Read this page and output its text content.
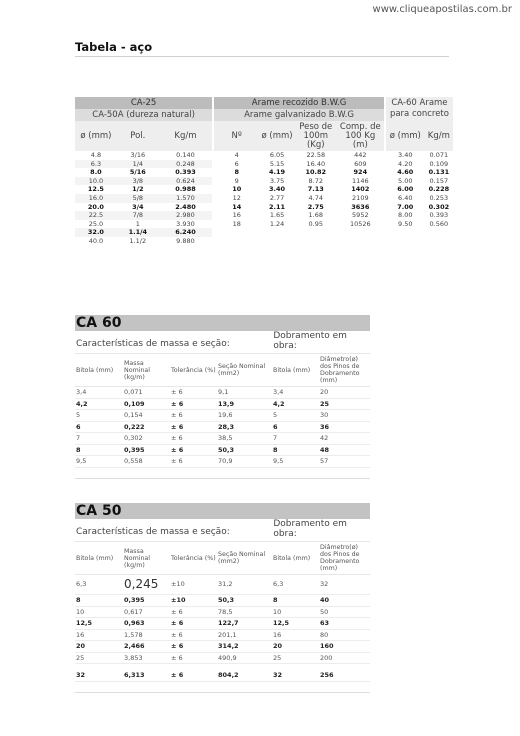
www.cliqueapostilas.com.br
Tabela - aço
CA-25			Arame recozido B.W.G				CA-60 Arame para concreto	
CA-50A (dureza natural)			Arame galvanizado B.W.G					
ø (mm)	Pol.	Kg/m	Nº	ø (mm)	Peso de 100m (Kg)	Comp. de 100 Kg (m)	ø (mm)	Kg/m
4.8	3/16	0.140	4	6.05	22.58	442	3.40	0.071
6.3	1/4	0.248	6	5.15	16.40	609	4.20	0.109
8.0	5/16	0.393	8	4.19	10.82	924	4.60	0.131
10.0	3/8	0.624	9	3.75	8.72	1146	5.00	0.157
12.5	1/2	0.988	10	3.40	7.13	1402	6.00	0.228
16.0	5/8	1.570	12	2.77	4.74	2109	6.40	0.253
20.0	3/4	2.480	14	2.11	2.75	3636	7.00	0.302
22.5	7/8	2.980	16	1.65	1.68	5952	8.00	0.393
25.0	1	3.930	18	1.24	0.95	10526	9.50	0.560
32.0	1.1/4	6.240						
40.0	1.1/2	9.880						
CA 60
Características de massa e seção:
Dobramento em obra:
Bitola (mm)
Massa Nominal (kg/m)
Tolerância (%) Seção Nominal (mm2)	Bitola (mm)
Diâmetro(ø) dos Pinos de Dobramento (mm)
3,4	0,071	± 6	9,1	3,4	20
4,2	0,109	± 6	13,9	4,2	25
5	0,154	± 6	19,6	5	30
6	0,222	± 6	28,3	6	36
7	0,302	± 6	38,5	7	42
8	0,395	± 6	50,3	8	48
9,5	0,558	± 6	70,9	9,5	57
CA 50
Características de massa e seção:
Dobramento em obra:
Bitola (mm)
Massa Nominal (kg/m)
Tolerância (%) Seção Nominal (mm2)	Bitola (mm)
Diâmetro(ø) dos Pinos de Dobramento (mm)
6,3	0,245	±10	31,2	6,3	32
8	0,395	±10	50,3	8	40
10	0,617	± 6	78,5	10	50
12,5	0,963	± 6	122,7	12,5	63
16	1,578	± 6	201,1	16	80
20	2,466	± 6	314,2	20	160
25	3,853	± 6	490,9	25	200
32	6,313	± 6	804,2	32	256
